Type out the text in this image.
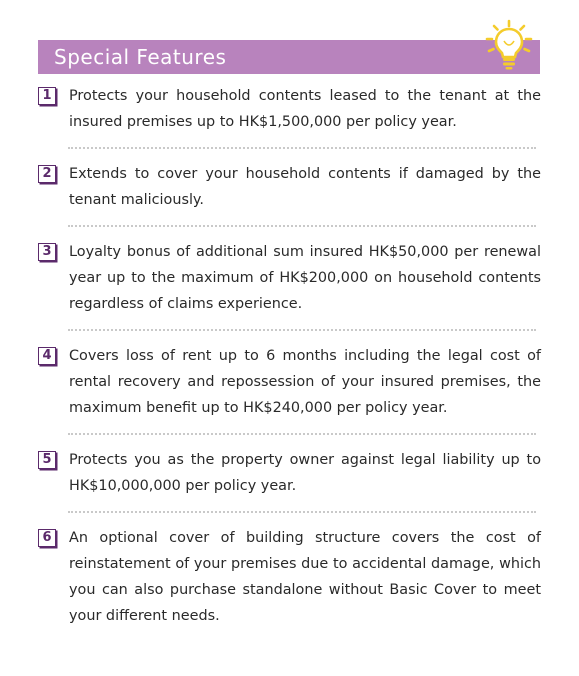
Special Features
1	Protects your household contents leased to the tenant at the insured premises up to HK$1,500,000 per policy year.
2	Extends to cover your household contents if damaged by the tenant maliciously.
3	Loyalty bonus of additional sum insured HK$50,000 per renewal year up to the maximum of HK$200,000 on household contents regardless of claims experience.
4	Covers loss of rent up to 6 months including the legal cost of rental recovery and repossession of your insured premises, the maximum benefit up to HK$240,000 per policy year.
5	Protects you as the property owner against legal liability up to HK$10,000,000 per policy year.
6	An optional cover of building structure covers the cost of reinstatement of your premises due to accidental damage, which you can also purchase standalone without Basic Cover to meet your different needs.
